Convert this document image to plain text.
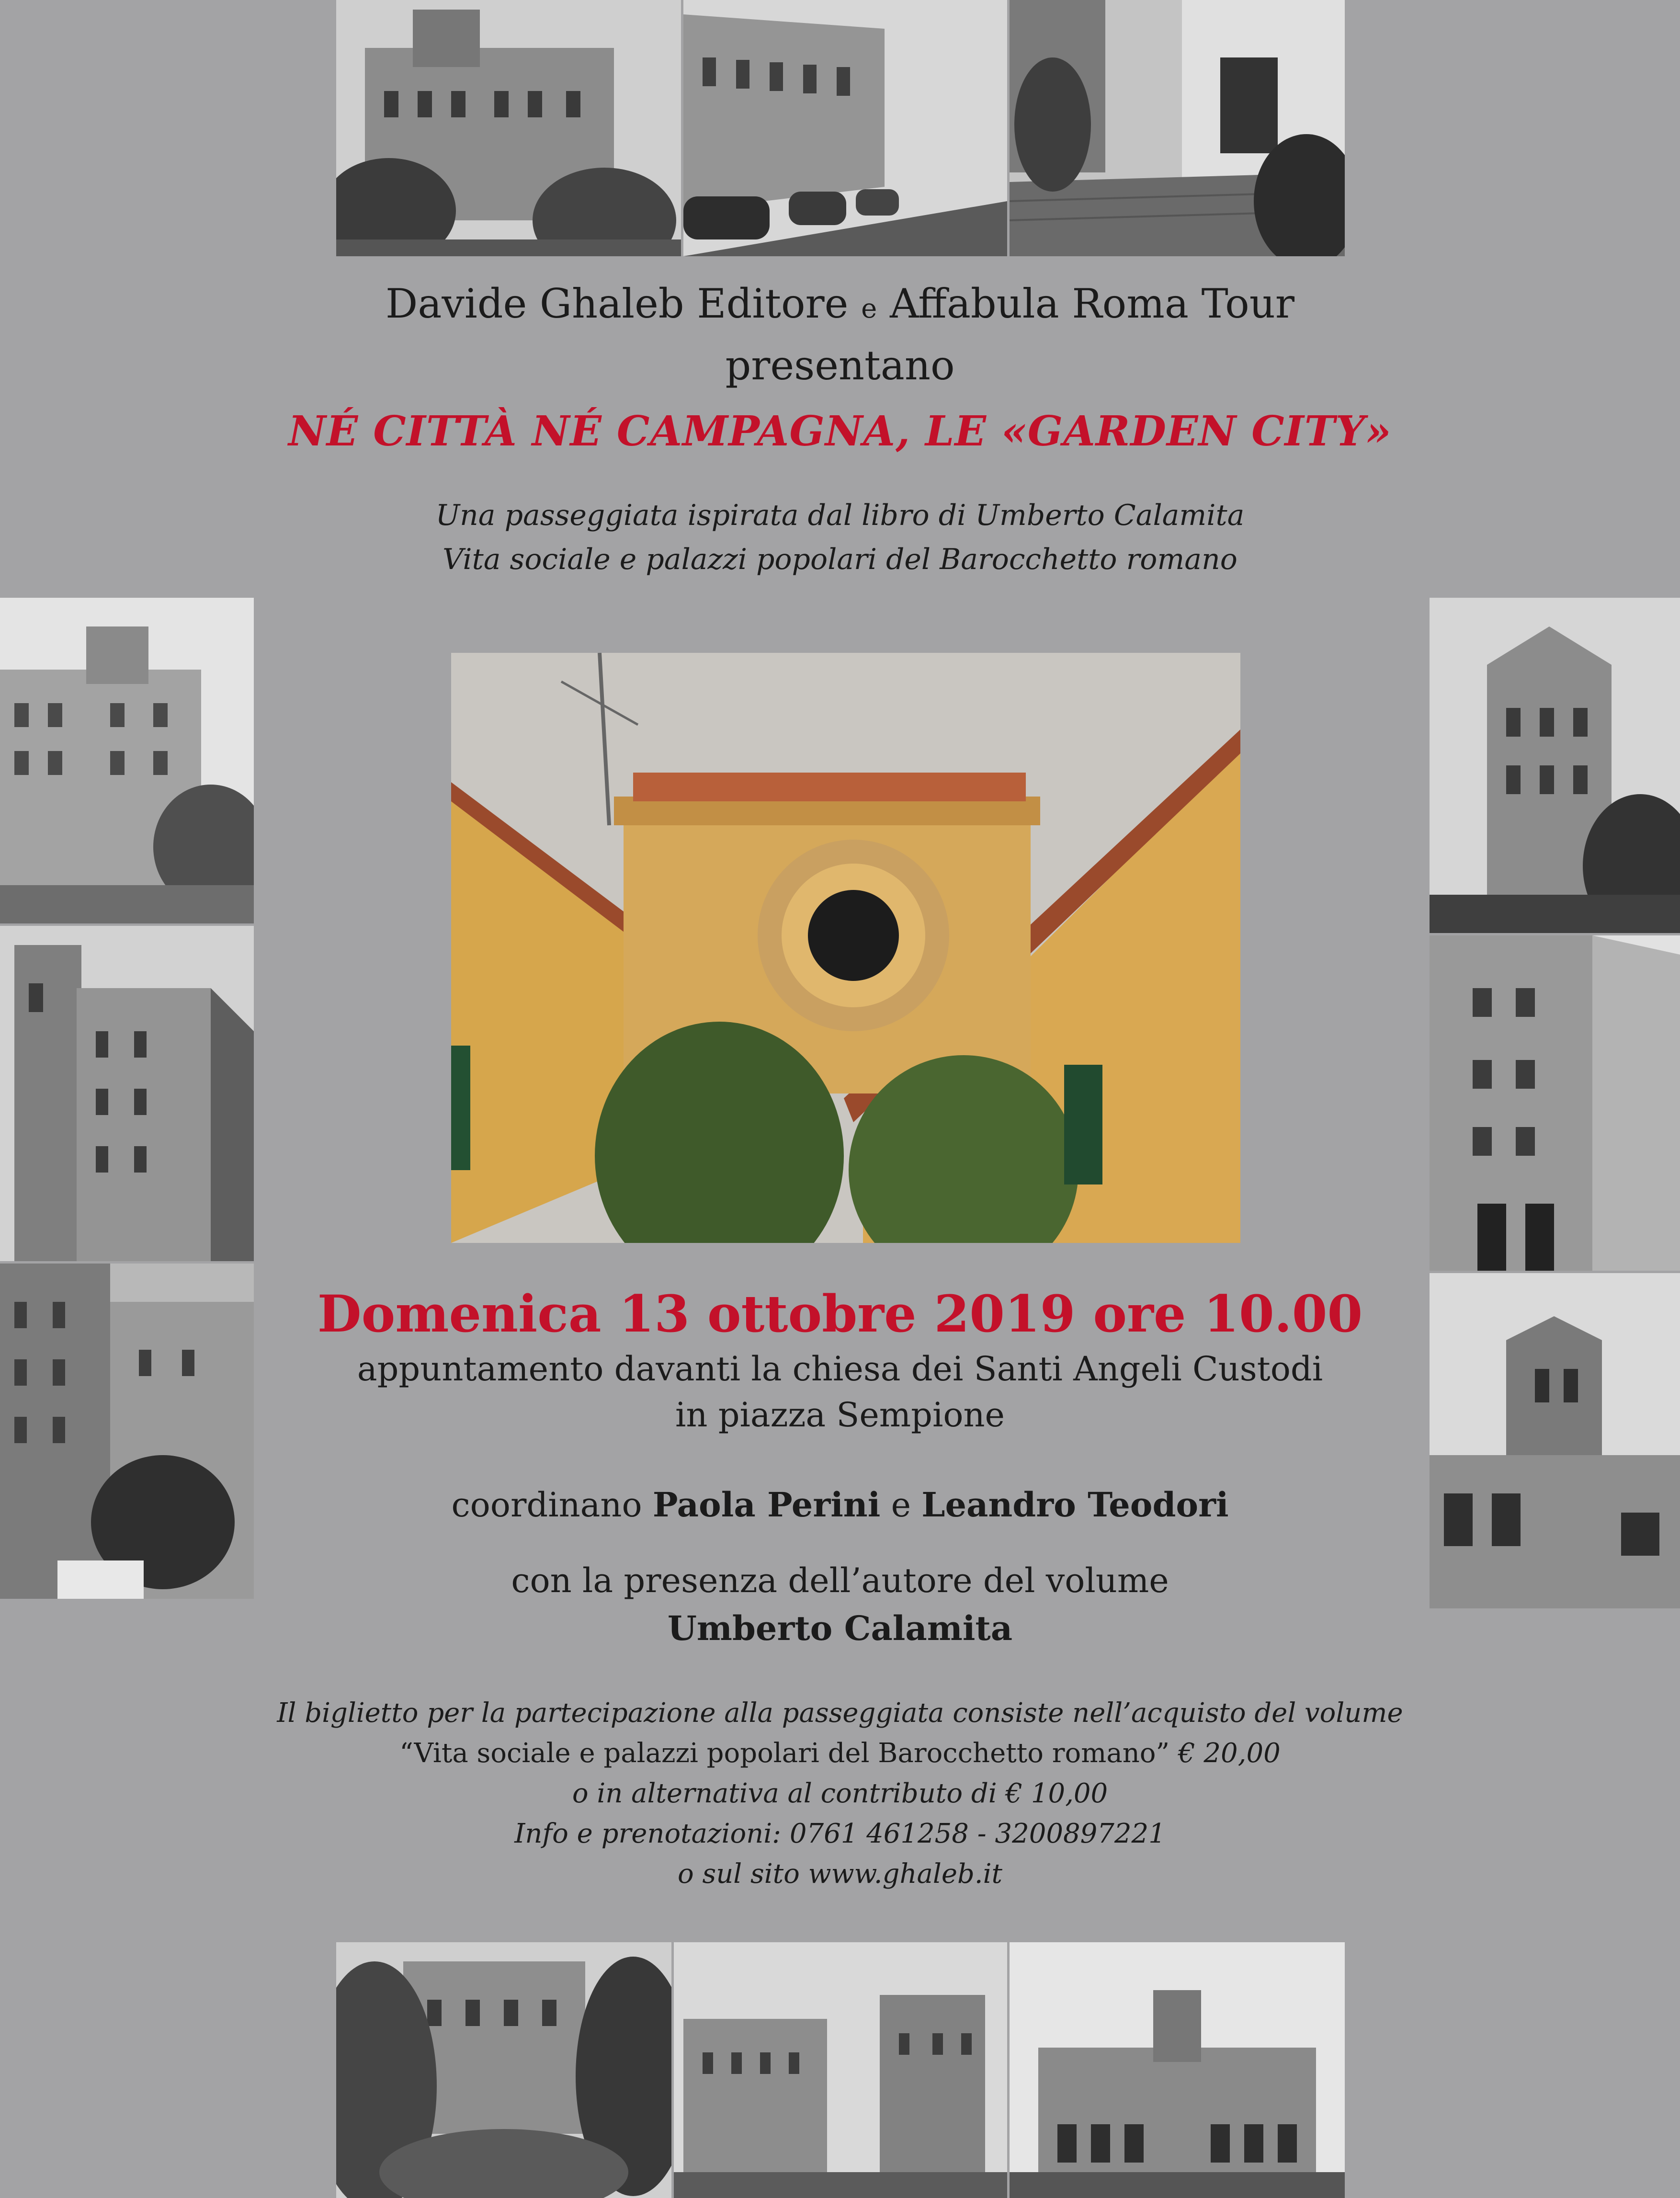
Davide Ghaleb Editore e Affabula Roma Tour
presentano
NÉ CITTÀ NÉ CAMPAGNA, LE «GARDEN CITY»
Una passeggiata ispirata dal libro di Umberto Calamita
Vita sociale e palazzi popolari del Barocchetto romano
Domenica 13 ottobre 2019 ore 10.00
appuntamento davanti la chiesa dei Santi Angeli Custodi
in piazza Sempione
coordinano Paola Perini e Leandro Teodori
con la presenza dell’autore del volume
Umberto Calamita
Il biglietto per la partecipazione alla passeggiata consiste nell’acquisto del volume
“Vita sociale e palazzi popolari del Barocchetto romano” € 20,00
o in alternativa al contributo di € 10,00
Info e prenotazioni: 0761 461258 - 3200897221
o sul sito www.ghaleb.it
